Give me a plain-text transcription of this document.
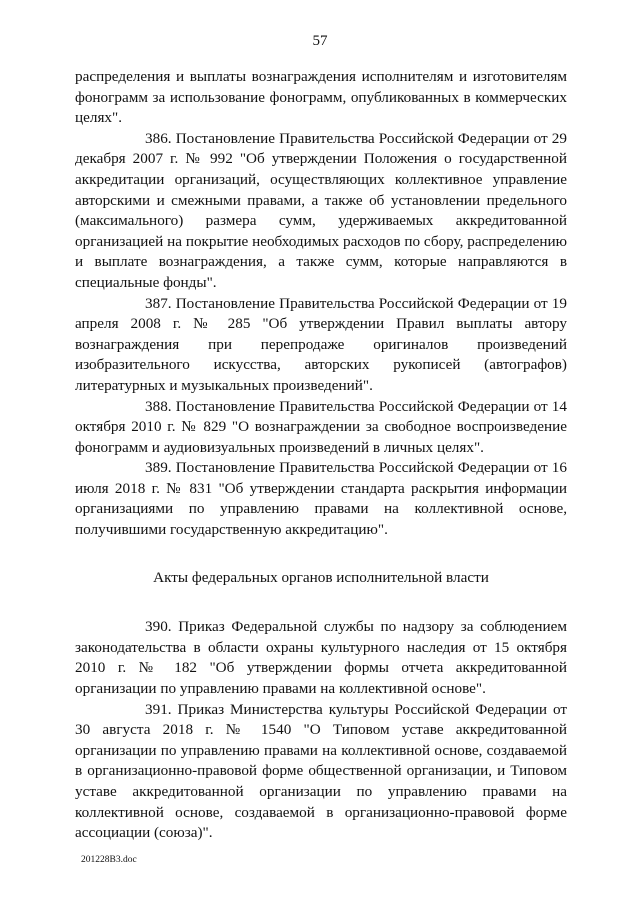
57

распределения и выплаты вознаграждения исполнителям и изготовителям фонограмм за использование фонограмм, опубликованных в коммерческих целях".

386. Постановление Правительства Российской Федерации от 29 декабря 2007 г. № 992 "Об утверждении Положения о государственной аккредитации организаций, осуществляющих коллективное управление авторскими и смежными правами, а также об установлении предельного (максимального) размера сумм, удерживаемых аккредитованной организацией на покрытие необходимых расходов по сбору, распределению и выплате вознаграждения, а также сумм, которые направляются в специальные фонды".

387. Постановление Правительства Российской Федерации от 19 апреля 2008 г. № 285 "Об утверждении Правил выплаты автору вознаграждения при перепродаже оригиналов произведений изобразительного искусства, авторских рукописей (автографов) литературных и музыкальных произведений".

388. Постановление Правительства Российской Федерации от 14 октября 2010 г. № 829 "О вознаграждении за свободное воспроизведение фонограмм и аудиовизуальных произведений в личных целях".

389. Постановление Правительства Российской Федерации от 16 июля 2018 г. № 831 "Об утверждении стандарта раскрытия информации организациями по управлению правами на коллективной основе, получившими государственную аккредитацию".

Акты федеральных органов исполнительной власти

390. Приказ Федеральной службы по надзору за соблюдением законодательства в области охраны культурного наследия от 15 октября 2010 г. № 182 "Об утверждении формы отчета аккредитованной организации по управлению правами на коллективной основе".

391. Приказ Министерства культуры Российской Федерации от 30 августа 2018 г. № 1540 "О Типовом уставе аккредитованной организации по управлению правами на коллективной основе, создаваемой в организационно-правовой форме общественной организации, и Типовом уставе аккредитованной организации по управлению правами на коллективной основе, создаваемой в организационно-правовой форме ассоциации (союза)".

201228B3.doc
